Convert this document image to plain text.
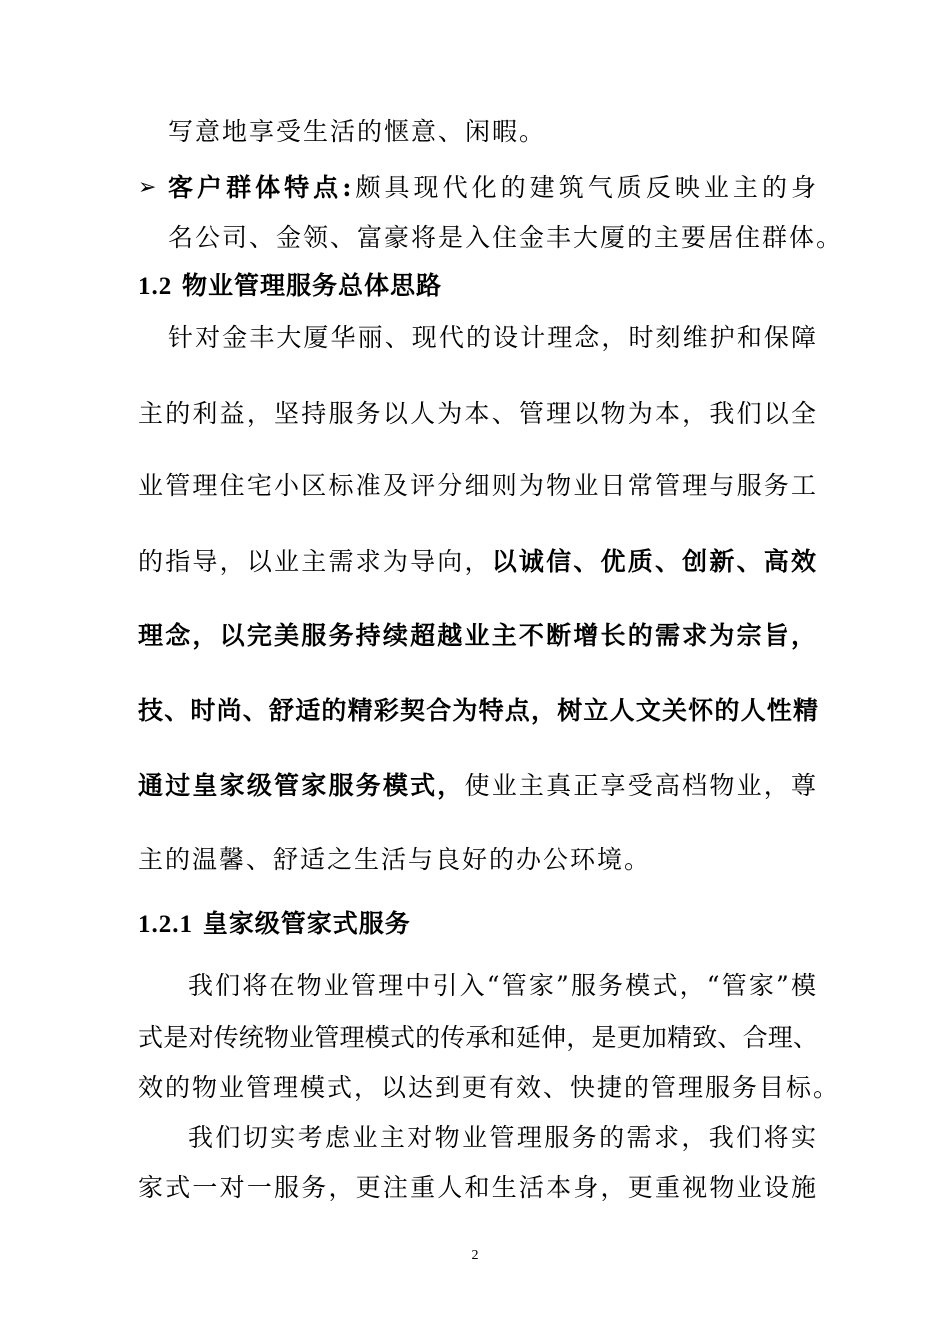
写意地享受生活的惬意、闲暇。
➢ 客户群体特点:颇具现代化的建筑气质反映业主的身
名公司、金领、富豪将是入住金丰大厦的主要居住群体。
1.2 物业管理服务总体思路
针对金丰大厦华丽、现代的设计理念，时刻维护和保障
主的利益，坚持服务以人为本、管理以物为本，我们以全
业管理住宅小区标准及评分细则为物业日常管理与服务工
的指导，以业主需求为导向，以诚信、优质、创新、高效
理念，以完美服务持续超越业主不断增长的需求为宗旨，
技、时尚、舒适的精彩契合为特点，树立人文关怀的人性精
通过皇家级管家服务模式，使业主真正享受高档物业，尊
主的温馨、舒适之生活与良好的办公环境。
1.2.1 皇家级管家式服务
我们将在物业管理中引入“管家”服务模式，“管家”模
式是对传统物业管理模式的传承和延伸，是更加精致、合理、
效的物业管理模式，以达到更有效、快捷的管理服务目标。
我们切实考虑业主对物业管理服务的需求，我们将实
家式一对一服务，更注重人和生活本身，更重视物业设施
2
